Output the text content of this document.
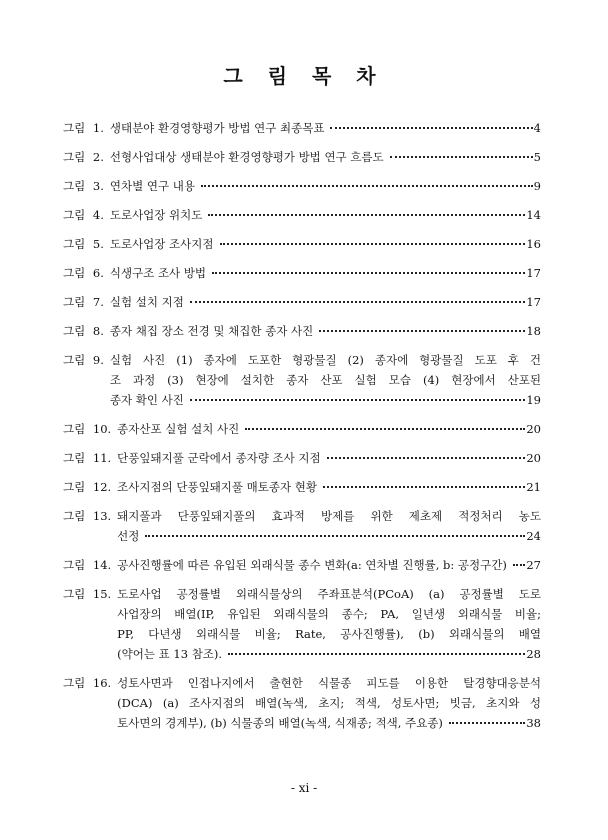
그 림 목 차
그림 1. 생태분야 환경영향평가 방법 연구 최종목표	4
그림 2. 선형사업대상 생태분야 환경영향평가 방법 연구 흐름도	5
그림 3. 연차별 연구 내용	9
그림 4. 도로사업장 위치도	14
그림 5. 도로사업장 조사지점	16
그림 6. 식생구조 조사 방법	17
그림 7. 실험 설치 지점	17
그림 8. 종자 채집 장소 전경 및 채집한 종자 사진	18
그림 9. 실험 사진 (1) 종자에 도포한 형광물질 (2) 종자에 형광물질 도포 후 건
조 과정 (3) 현장에 설치한 종자 산포 실험 모습 (4) 현장에서 산포된
종자 확인 사진	19
그림 10. 종자산포 실험 설치 사진	20
그림 11. 단풍잎돼지풀 군락에서 종자량 조사 지점	20
그림 12. 조사지점의 단풍잎돼지풀 매토종자 현황	21
그림 13. 돼지풀과 단풍잎돼지풀의 효과적 방제를 위한 제초제 적정처리 농도
선정	24
그림 14. 공사진행률에 따른 유입된 외래식물 종수 변화(a: 연차별 진행률, b: 공정구간) 27
그림 15. 도로사업 공정률별 외래식물상의 주좌표분석(PCoA) (a) 공정률별 도로
사업장의 배열(IP, 유입된 외래식물의 종수; PA, 일년생 외래식물 비율;
PP, 다년생 외래식물 비율; Rate, 공사진행률), (b) 외래식물의 배열
(약어는 표 13 참조).	28
그림 16. 성토사면과 인접나지에서 출현한 식물종 피도를 이용한 탈경향대응분석
(DCA) (a) 조사지점의 배열(녹색, 초지; 적색, 성토사면; 빗금, 초지와 성
토사면의 경계부), (b) 식물종의 배열(녹색, 식재종; 적색, 주요종)	38
- xi -
